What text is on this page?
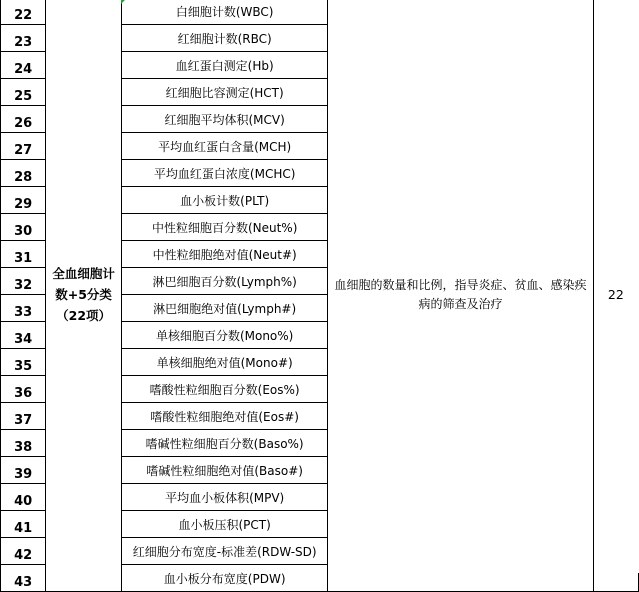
22	全血细胞计
数+5分类
（22项）	白细胞计数(WBC)	血细胞的数量和比例，指导炎症、贫血、感染疾病的筛查及治疗	22
23		红细胞计数(RBC)		
24		血红蛋白测定(Hb)		
25		红细胞比容测定(HCT)		
26		红细胞平均体积(MCV)		
27		平均血红蛋白含量(MCH)		
28		平均血红蛋白浓度(MCHC)		
29		血小板计数(PLT)		
30		中性粒细胞百分数(Neut%)		
31		中性粒细胞绝对值(Neut#)		
32		淋巴细胞百分数(Lymph%)		
33		淋巴细胞绝对值(Lymph#)		
34		单核细胞百分数(Mono%)		
35		单核细胞绝对值(Mono#)		
36		嗜酸性粒细胞百分数(Eos%)		
37		嗜酸性粒细胞绝对值(Eos#)		
38		嗜碱性粒细胞百分数(Baso%)		
39		嗜碱性粒细胞绝对值(Baso#)		
40		平均血小板体积(MPV)		
41		血小板压积(PCT)		
42		红细胞分布宽度-标准差(RDW-SD)		
43		血小板分布宽度(PDW)		
